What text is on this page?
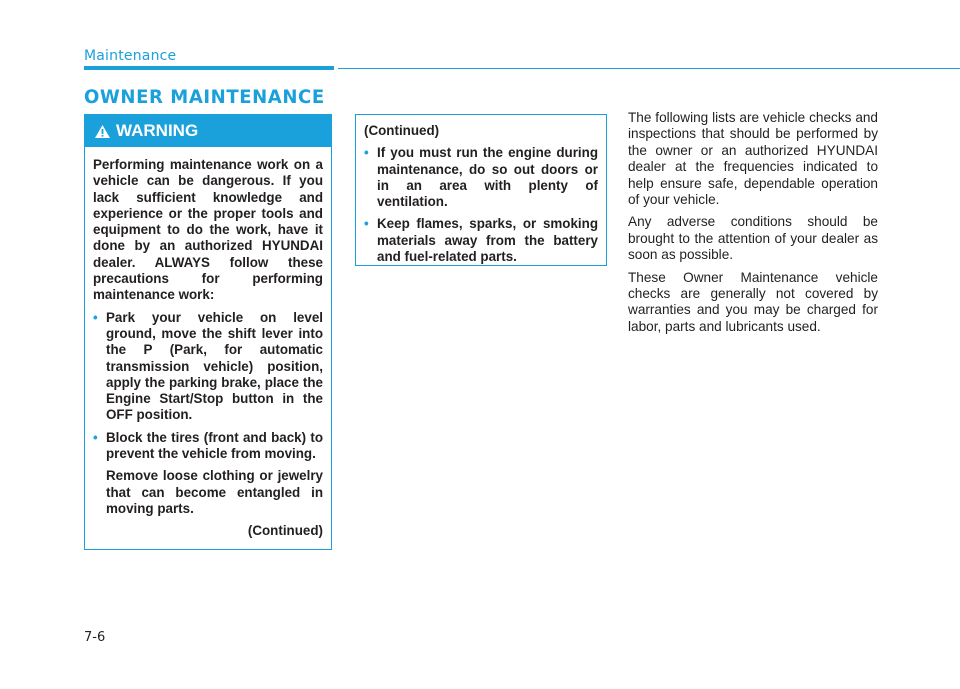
Maintenance
OWNER MAINTENANCE
WARNING

Performing maintenance work on a vehicle can be dangerous. If you lack sufficient knowledge and experience or the proper tools and equipment to do the work, have it done by an authorized HYUNDAI dealer. ALWAYS follow these precautions for performing maintenance work:

• Park your vehicle on level ground, move the shift lever into the P (Park, for automatic transmission vehicle) position, apply the parking brake, place the Engine Start/Stop button in the OFF position.
• Block the tires (front and back) to prevent the vehicle from moving.
Remove loose clothing or jewelry that can become entangled in moving parts.
(Continued)
(Continued)
• If you must run the engine during maintenance, do so out doors or in an area with plenty of ventilation.
• Keep flames, sparks, or smoking materials away from the battery and fuel-related parts.

The following lists are vehicle checks and inspections that should be performed by the owner or an authorized HYUNDAI dealer at the frequencies indicated to help ensure safe, dependable operation of your vehicle.

Any adverse conditions should be brought to the attention of your dealer as soon as possible.

These Owner Maintenance vehicle checks are generally not covered by warranties and you may be charged for labor, parts and lubricants used.

7-6
